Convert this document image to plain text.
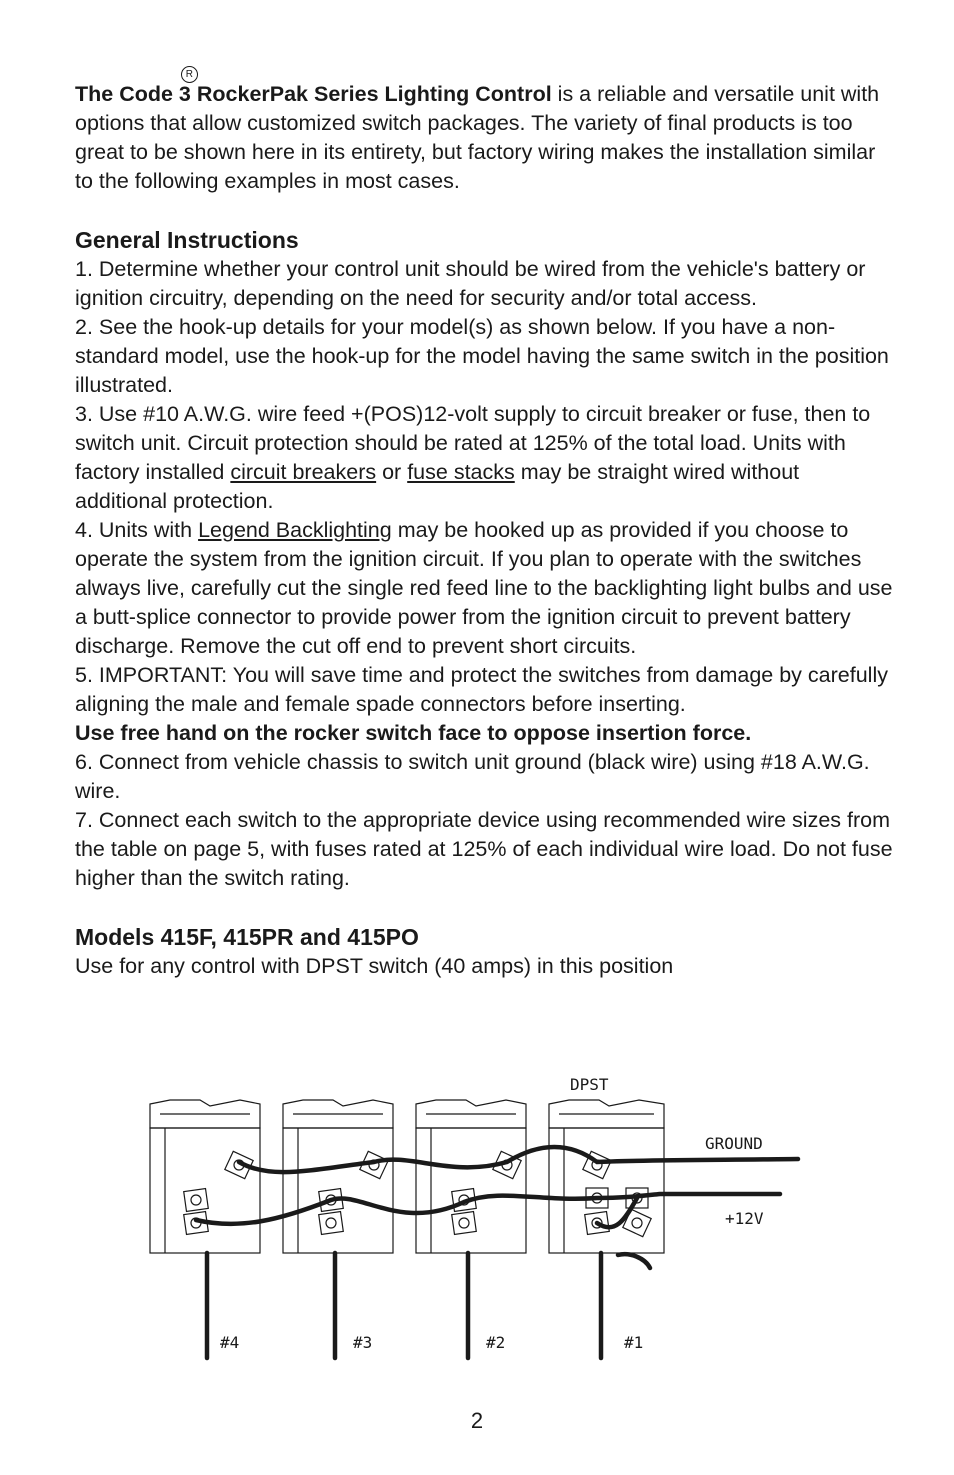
The Code 3
R
RockerPak Series Lighting Control is a reliable and versatile unit with options that allow customized switch packages. The variety of final products is too great to be shown here in its entirety, but factory wiring makes the installation similar to the following examples in most cases.

General Instructions

1. Determine whether your control unit should be wired from the vehicle's battery or ignition circuitry, depending on the need for security and/or total access.

2. See the hook-up details for your model(s) as shown below. If you have a non-standard model, use the hook-up for the model having the same switch in the position illustrated.

3. Use #10 A.W.G. wire feed +(POS)12-volt supply to circuit breaker or fuse, then to switch unit. Circuit protection should be rated at 125% of the total load. Units with factory installed circuit breakers or fuse stacks may be straight wired without additional protection.

4. Units with Legend Backlighting may be hooked up as provided if you choose to operate the system from the ignition circuit. If you plan to operate with the switches always live, carefully cut the single red feed line to the backlighting light bulbs and use a butt-splice connector to provide power from the ignition circuit to prevent battery discharge. Remove the cut off end to prevent short circuits.

5. IMPORTANT: You will save time and protect the switches from damage by carefully aligning the male and female spade connectors before inserting.

Use free hand on the rocker switch face to oppose insertion force.

6. Connect from vehicle chassis to switch unit ground (black wire) using #18 A.W.G. wire.

7. Connect each switch to the appropriate device using recommended wire sizes from the table on page 5, with fuses rated at 125% of each individual wire load. Do not fuse higher than the switch rating.

Models 415F, 415PR and 415PO

Use for any control with DPST switch (40 amps) in this position

DPST
GROUND
+12V
#4	#3	#2	#1
2
